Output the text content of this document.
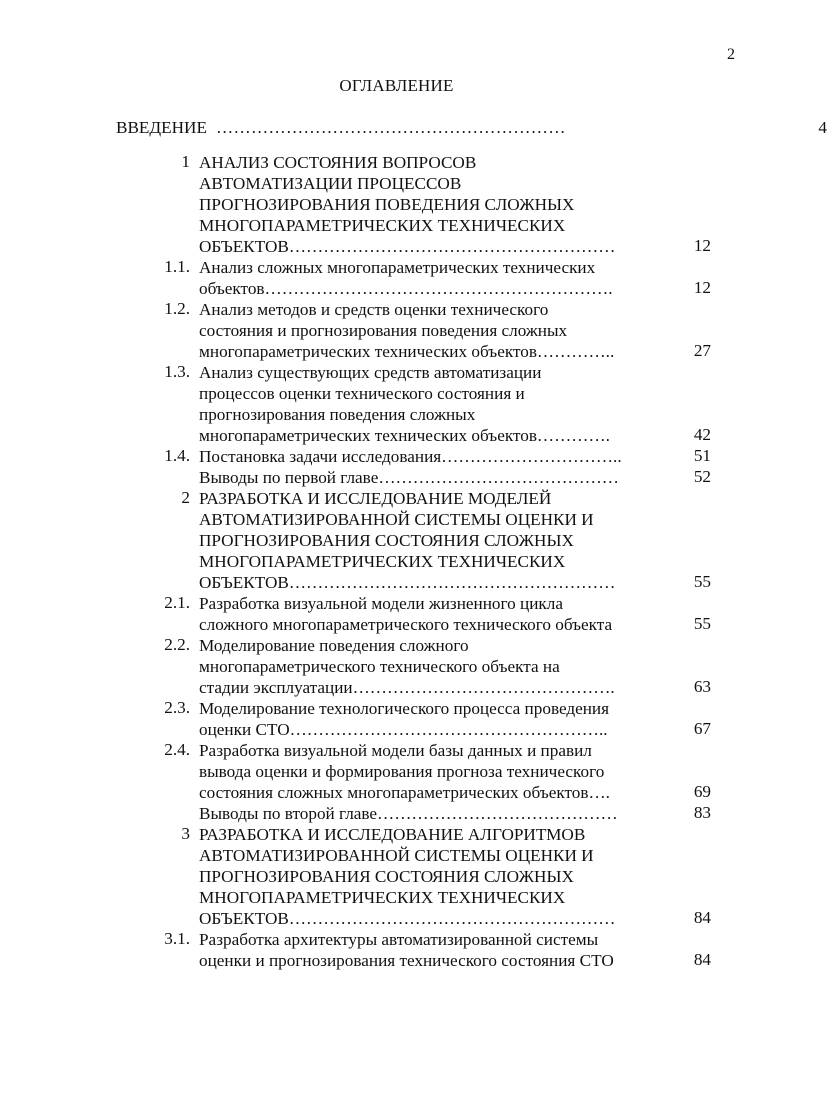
2
ОГЛАВЛЕНИЕ
ВВЕДЕНИЕ ……………………………………………………	4
1 АНАЛИЗ СОСТОЯНИЯ ВОПРОСОВ
АВТОМАТИЗАЦИИ ПРОЦЕССОВ
ПРОГНОЗИРОВАНИЯ ПОВЕДЕНИЯ СЛОЖНЫХ
МНОГОПАРАМЕТРИЧЕСКИХ ТЕХНИЧЕСКИХ
ОБЪЕКТОВ…………………………………………………	12
1.1. Анализ сложных многопараметрических технических
объектов…………………………………………………….	12
1.2. Анализ методов и средств оценки технического
состояния и прогнозирования поведения сложных
многопараметрических технических объектов…………..	27
1.3. Анализ существующих средств автоматизации
процессов оценки технического состояния и
прогнозирования поведения сложных
многопараметрических технических объектов………….	42
1.4. Постановка задачи исследования…………………………..	51
Выводы по первой главе……………………………………	52
2 РАЗРАБОТКА И ИССЛЕДОВАНИЕ МОДЕЛЕЙ
АВТОМАТИЗИРОВАННОЙ СИСТЕМЫ ОЦЕНКИ И
ПРОГНОЗИРОВАНИЯ СОСТОЯНИЯ СЛОЖНЫХ
МНОГОПАРАМЕТРИЧЕСКИХ ТЕХНИЧЕСКИХ
ОБЪЕКТОВ…………………………………………………	55
2.1. Разработка визуальной модели жизненного цикла
сложного многопараметрического технического объекта	55
2.2. Моделирование поведения сложного
многопараметрического технического объекта на
стадии эксплуатации……………………………………….	63
2.3. Моделирование технологического процесса проведения
оценки СТО………………………………………………..	67
2.4. Разработка визуальной модели базы данных и правил
вывода оценки и формирования прогноза технического
состояния сложных многопараметрических объектов….	69
Выводы по второй главе……………………………………	83
3 РАЗРАБОТКА И ИССЛЕДОВАНИЕ АЛГОРИТМОВ
АВТОМАТИЗИРОВАННОЙ СИСТЕМЫ ОЦЕНКИ И
ПРОГНОЗИРОВАНИЯ СОСТОЯНИЯ СЛОЖНЫХ
МНОГОПАРАМЕТРИЧЕСКИХ ТЕХНИЧЕСКИХ
ОБЪЕКТОВ…………………………………………………	84
3.1. Разработка архитектуры автоматизированной системы
оценки и прогнозирования технического состояния СТО	84
